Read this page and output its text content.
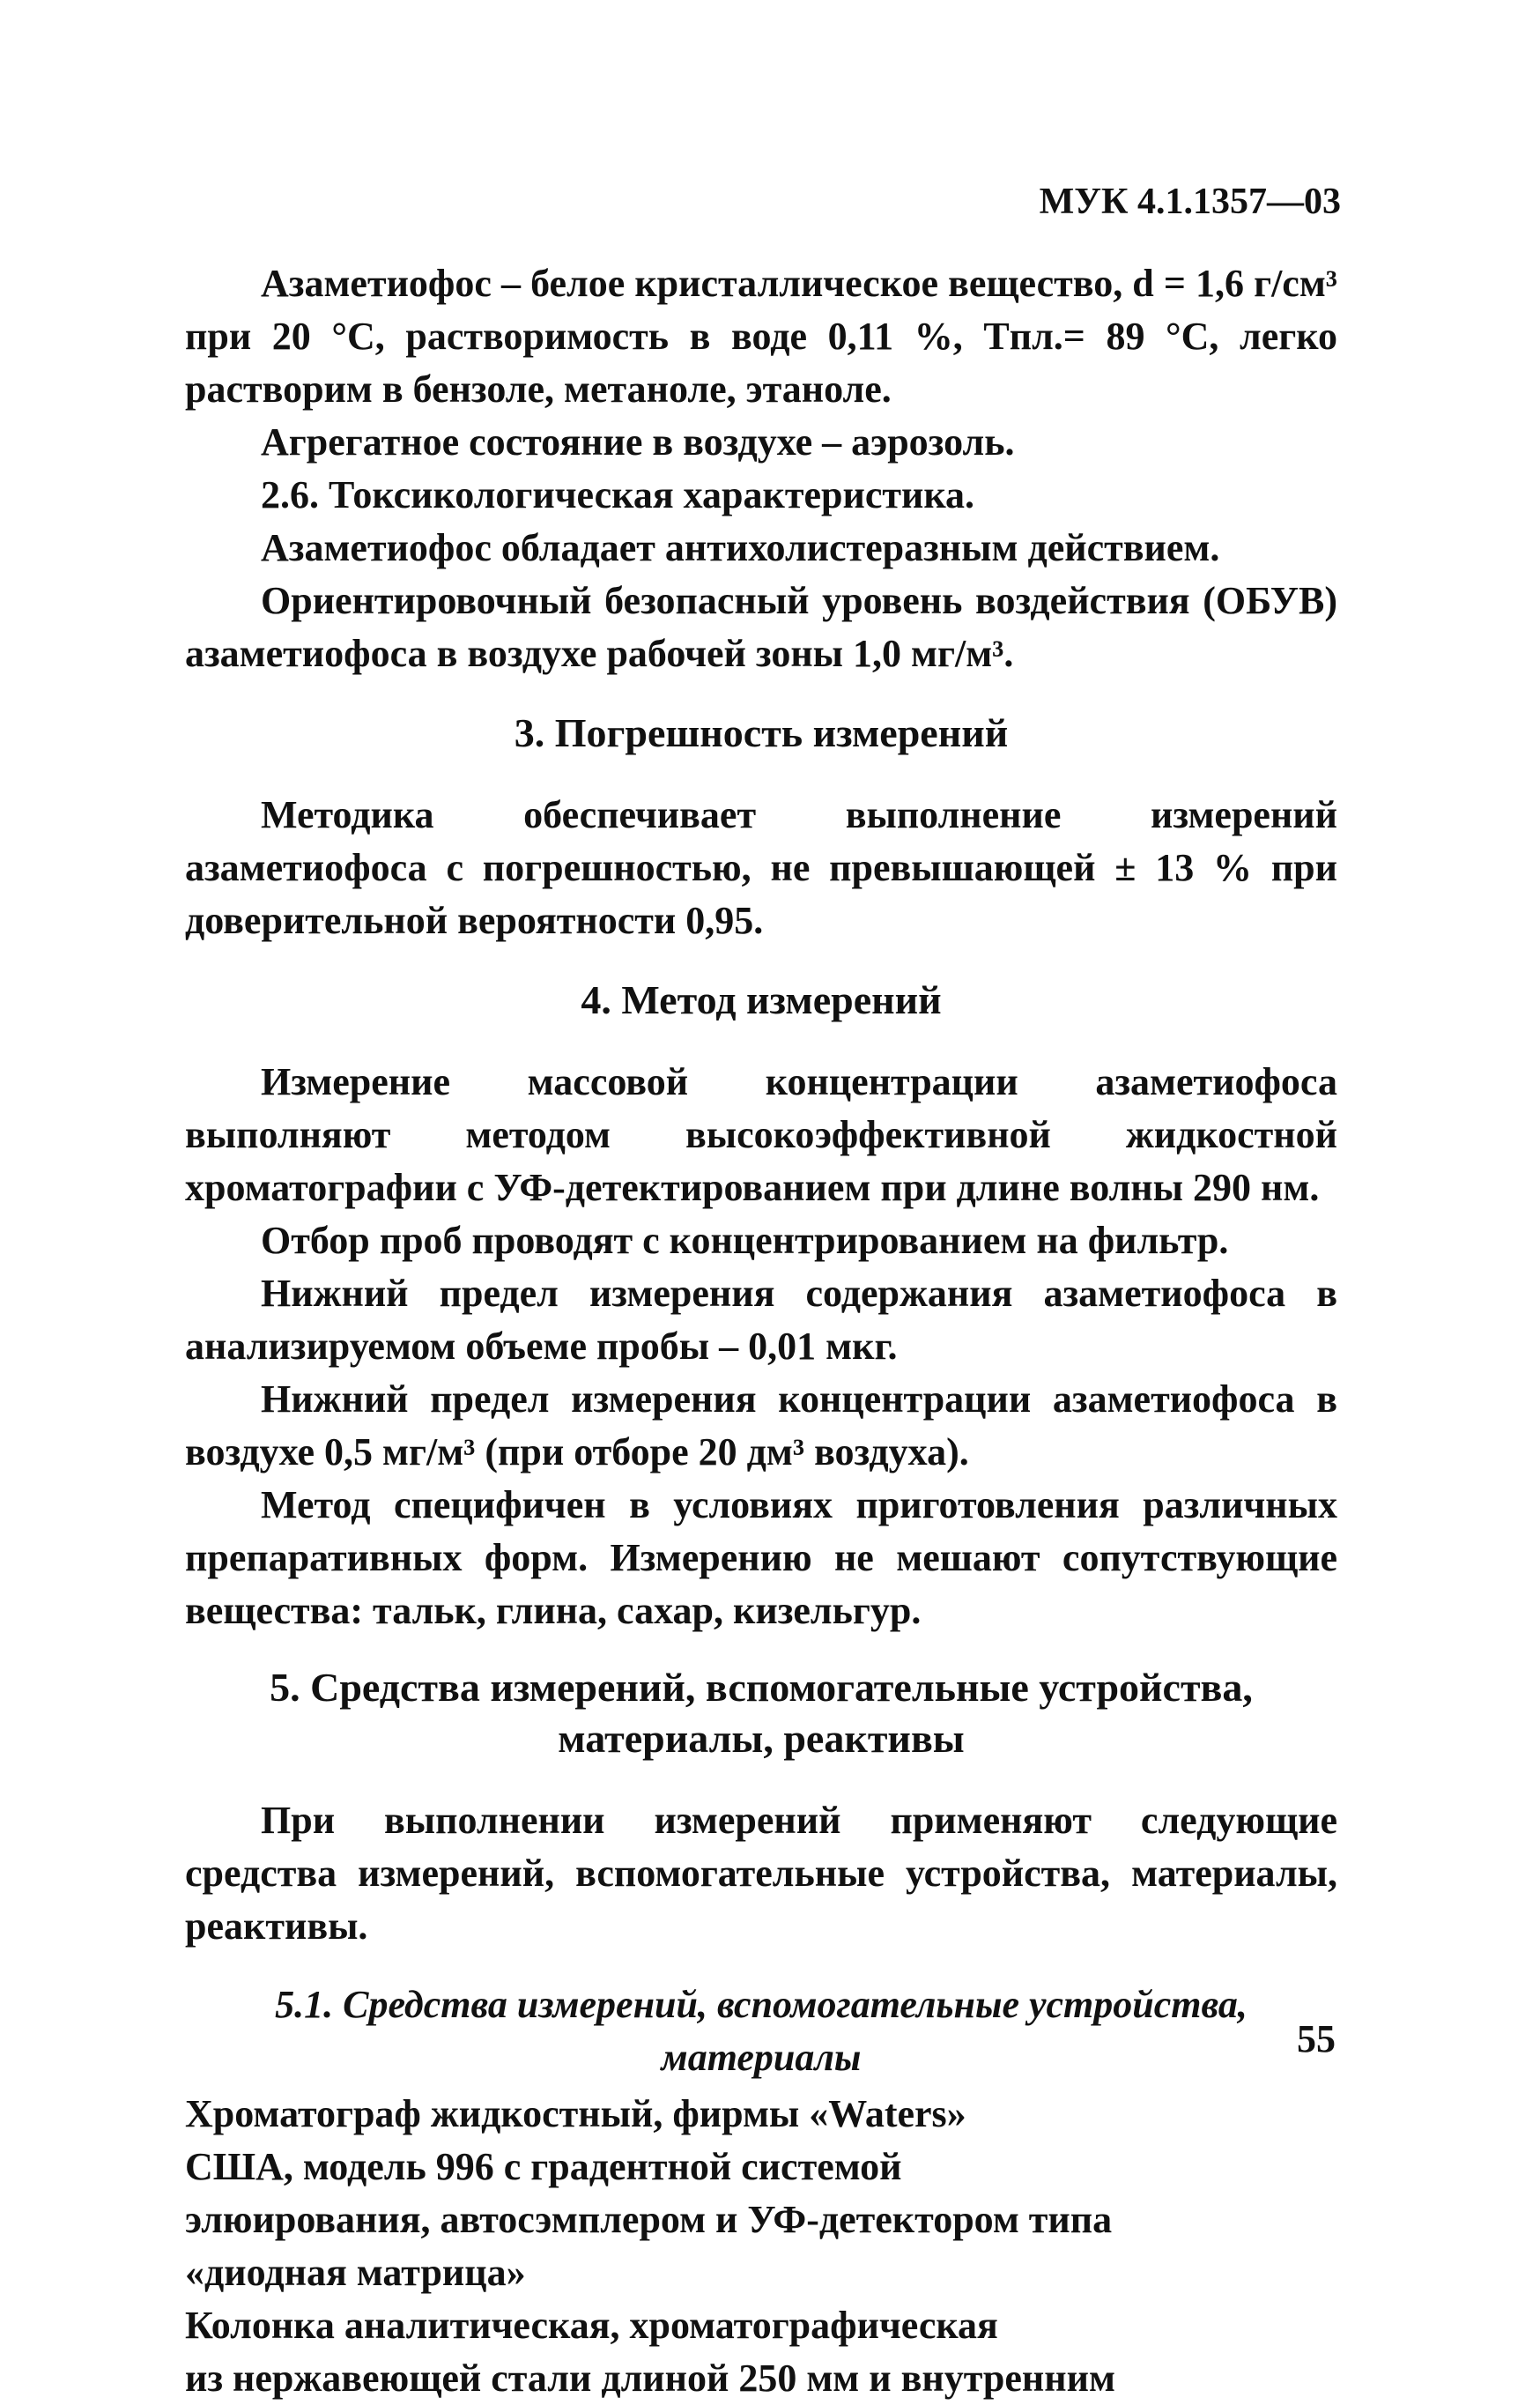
МУК 4.1.1357—03

Азаметиофос – белое кристаллическое вещество, d = 1,6 г/см³ при 20 °С, растворимость в воде 0,11 %, Tпл.= 89 °С, легко растворим в бензоле, метаноле, этаноле.

Агрегатное состояние в воздухе – аэрозоль.

2.6. Токсикологическая характеристика.

Азаметиофос обладает антихолистеразным действием.

Ориентировочный безопасный уровень воздействия (ОБУВ) азаметиофоса в воздухе рабочей зоны 1,0 мг/м³.

3. Погрешность измерений

Методика обеспечивает выполнение измерений азаметиофоса с погрешностью, не превышающей ± 13 % при доверительной вероятности 0,95.

4. Метод измерений

Измерение массовой концентрации азаметиофоса выполняют методом высокоэффективной жидкостной хроматографии с УФ-детектированием при длине волны 290 нм.

Отбор проб проводят с концентрированием на фильтр.

Нижний предел измерения содержания азаметиофоса в анализируемом объеме пробы – 0,01 мкг.

Нижний предел измерения концентрации азаметиофоса в воздухе 0,5 мг/м³ (при отборе 20 дм³ воздуха).

Метод специфичен в условиях приготовления различных препаративных форм. Измерению не мешают сопутствующие вещества: тальк, глина, сахар, кизельгур.

5. Средства измерений, вспомогательные устройства,
материалы, реактивы

При выполнении измерений применяют следующие средства измерений, вспомогательные устройства, материалы, реактивы.

5.1. Средства измерений, вспомогательные устройства, материалы

Хроматограф жидкостный, фирмы «Waters»

США, модель 996 с градентной системой

элюирования, автосэмплером и УФ-детектором типа

«диодная матрица»

Колонка аналитическая, хроматографическая

из нержавеющей стали длиной 250 мм и внутренним

55
